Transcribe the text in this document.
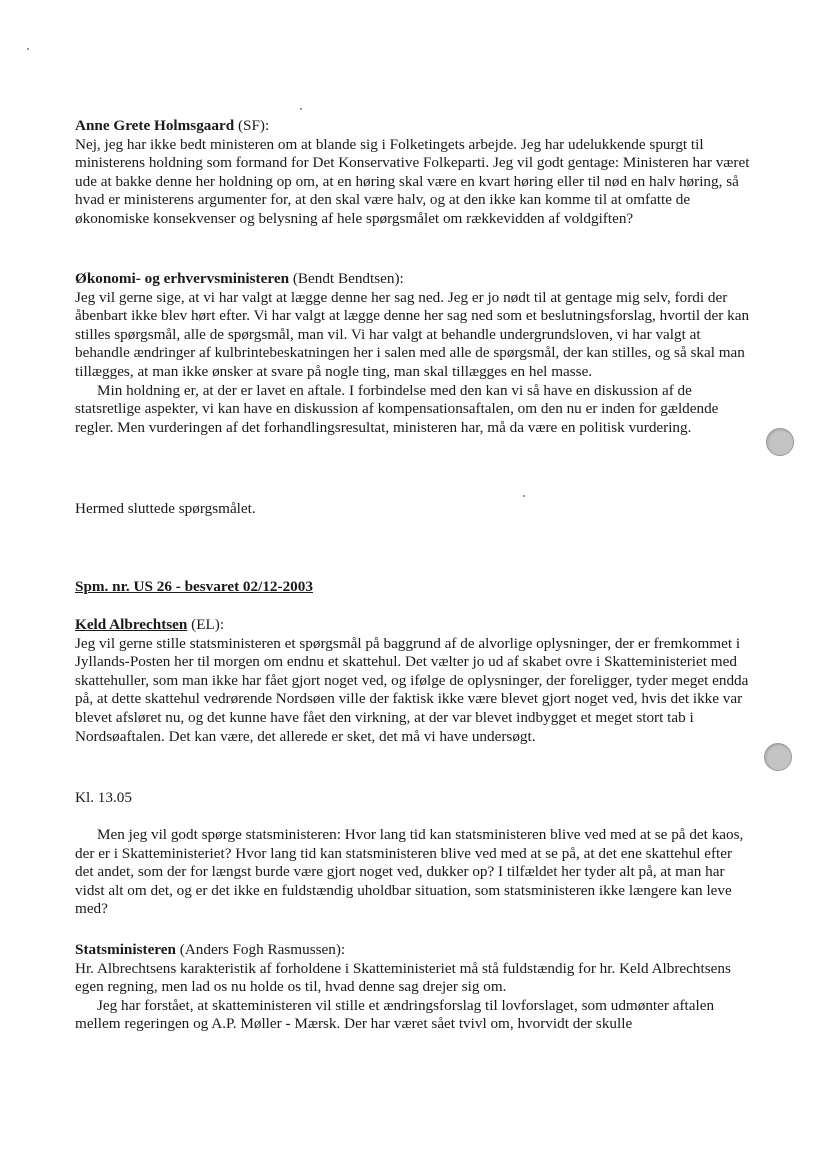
Anne Grete Holmsgaard (SF):

Nej, jeg har ikke bedt ministeren om at blande sig i Folketingets arbejde. Jeg har udelukkende spurgt til ministerens holdning som formand for Det Konservative Folkeparti. Jeg vil godt gentage: Ministeren har været ude at bakke denne her holdning op om, at en høring skal være en kvart høring eller til nød en halv høring, så hvad er ministerens argumenter for, at den skal være halv, og at den ikke kan komme til at omfatte de økonomiske konsekvenser og belysning af hele spørgsmålet om rækkevidden af voldgiften?

Økonomi- og erhvervsministeren (Bendt Bendtsen):

Jeg vil gerne sige, at vi har valgt at lægge denne her sag ned. Jeg er jo nødt til at gentage mig selv, fordi der åbenbart ikke blev hørt efter. Vi har valgt at lægge denne her sag ned som et beslutningsforslag, hvortil der kan stilles spørgsmål, alle de spørgsmål, man vil. Vi har valgt at behandle undergrundsloven, vi har valgt at behandle ændringer af kulbrintebeskatningen her i salen med alle de spørgsmål, der kan stilles, og så skal man tillægges, at man ikke ønsker at svare på nogle ting, man skal tillægges en hel masse.

Min holdning er, at der er lavet en aftale. I forbindelse med den kan vi så have en diskussion af de statsretlige aspekter, vi kan have en diskussion af kompensationsaftalen, om den nu er inden for gældende regler. Men vurderingen af det forhandlingsresultat, ministeren har, må da være en politisk vurdering.

Hermed sluttede spørgsmålet.

Spm. nr. US 26 - besvaret 02/12-2003

Keld Albrechtsen (EL):

Jeg vil gerne stille statsministeren et spørgsmål på baggrund af de alvorlige oplysninger, der er fremkommet i Jyllands-Posten her til morgen om endnu et skattehul. Det vælter jo ud af skabet ovre i Skatteministeriet med skattehuller, som man ikke har fået gjort noget ved, og ifølge de oplysninger, der foreligger, tyder meget endda på, at dette skattehul vedrørende Nordsøen ville der faktisk ikke være blevet gjort noget ved, hvis det ikke var blevet afsløret nu, og det kunne have fået den virkning, at der var blevet indbygget et meget stort tab i Nordsøaftalen. Det kan være, det allerede er sket, det må vi have undersøgt.

Kl. 13.05

Men jeg vil godt spørge statsministeren: Hvor lang tid kan statsministeren blive ved med at se på det kaos, der er i Skatteministeriet? Hvor lang tid kan statsministeren blive ved med at se på, at det ene skattehul efter det andet, som der for længst burde være gjort noget ved, dukker op? I tilfældet her tyder alt på, at man har vidst alt om det, og er det ikke en fuldstændig uholdbar situation, som statsministeren ikke længere kan leve med?

Statsministeren (Anders Fogh Rasmussen):

Hr. Albrechtsens karakteristik af forholdene i Skatteministeriet må stå fuldstændig for hr. Keld Albrechtsens egen regning, men lad os nu holde os til, hvad denne sag drejer sig om.

Jeg har forstået, at skatteministeren vil stille et ændringsforslag til lovforslaget, som udmønter aftalen mellem regeringen og A.P. Møller - Mærsk. Der har været sået tvivl om, hvorvidt der skulle
